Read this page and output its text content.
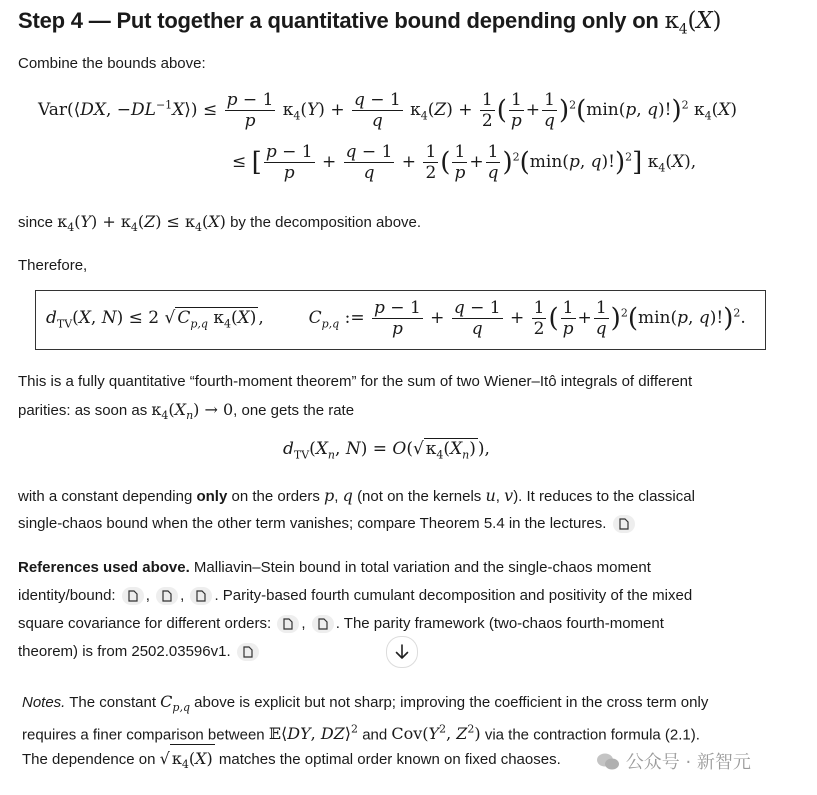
Step 4 — Put together a quantitative bound depending only on $\kappa_4(X)$
Combine the bounds above:
Var(⟨DX, $-DL^{-1}X⟩) \le \frac{p - 1}{p} \kappa_4(Y) + \frac{q - 1}{q} \kappa_4(Z) + \frac{1}{2}$ ( $\frac{1}{p} + \frac{1}{q} )^2(\min(p$, q)!)$^2$ $\kappa_4(X)$
≤ [ $\frac{p - 1}{p} + \frac{q - 1}{q} + \frac{1}{2}$ ( $\frac{1}{p} + \frac{1}{q} )^2(\min(p$, q)!)$^2$] $\kappa_4(X)$,
since $\kappa_4(Y) + \kappa_4(Z) \le \kappa_4(X)$ by the decomposition above.
Therefore,
$d_{TV}(X$, N) ≤ 2 √ $C_{p,q}$ $\kappa_4(X)$ ,  $C_{p,q}$ := $\frac{p - 1}{p} + \frac{q - 1}{q} + \frac{1}{2}$ ( $\frac{1}{p} + \frac{1}{q} )^2(\min(p$, q)!)$^2$.
This is a fully quantitative “fourth-moment theorem” for the sum of two Wiener–Itô integrals of different
parities: as soon as $\kappa_4(X_n) \to 0$, one gets the rate
$d_{TV}(X_n$, N) = O(√ $\kappa_4(X_n)$ ),
with a constant depending only on the orders p, q (not on the kernels u, v). It reduces to the classical
single-chaos bound when the other term vanishes; compare Theorem 5.4 in the lectures.
References used above. Malliavin–Stein bound in total variation and the single-chaos moment
identity/bound: ,
,
. Parity-based fourth cumulant decomposition and positivity of the mixed
square covariance for different orders: ,
. The parity framework (two-chaos fourth-moment
theorem) is from 2502.03596v1.
Notes. The constant $C_{p,q}$ above is explicit but not sharp; improving the coefficient in the cross term only
requires a finer comparison between 𝔼⟨DY, DZ⟩$^2$ and $Cov(Y^2$, $Z^2$) via the contraction formula (2.1).
The dependence on √ $\kappa_4(X)$ matches the optimal order known on fixed chaoses.	公众号 · 新智元
